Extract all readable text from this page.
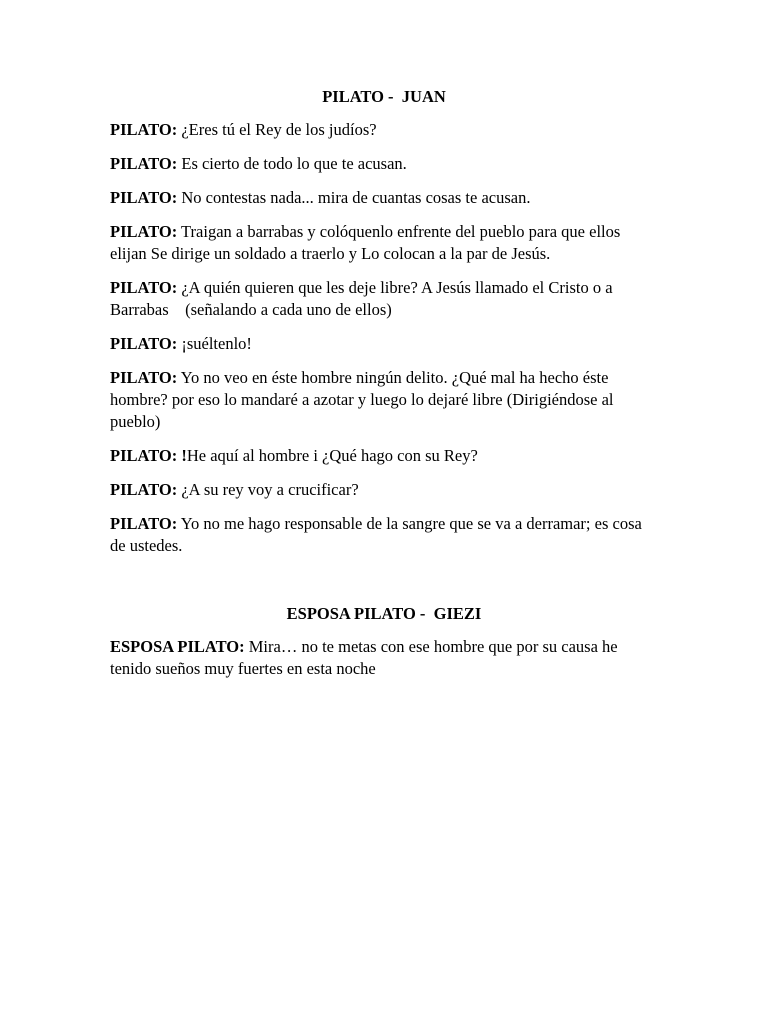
PILATO -  JUAN

PILATO: ¿Eres tú el Rey de los judíos?

PILATO: Es cierto de todo lo que te acusan.

PILATO: No contestas nada... mira de cuantas cosas te acusan.

PILATO: Traigan a barrabas y colóquenlo enfrente del pueblo para que ellos elijan Se dirige un soldado a traerlo y Lo colocan a la par de Jesús.

PILATO: ¿A quién quieren que les deje libre? A Jesús llamado el Cristo o a Barrabas    (señalando a cada uno de ellos)

PILATO: ¡suéltenlo!

PILATO: Yo no veo en éste hombre ningún delito. ¿Qué mal ha hecho éste hombre? por eso lo mandaré a azotar y luego lo dejaré libre (Dirigiéndose al pueblo)

PILATO: !He aquí al hombre i ¿Qué hago con su Rey?

PILATO: ¿A su rey voy a crucificar?

PILATO: Yo no me hago responsable de la sangre que se va a derramar; es cosa de ustedes.

ESPOSA PILATO -  GIEZI

ESPOSA PILATO: Mira… no te metas con ese hombre que por su causa he tenido sueños muy fuertes en esta noche
